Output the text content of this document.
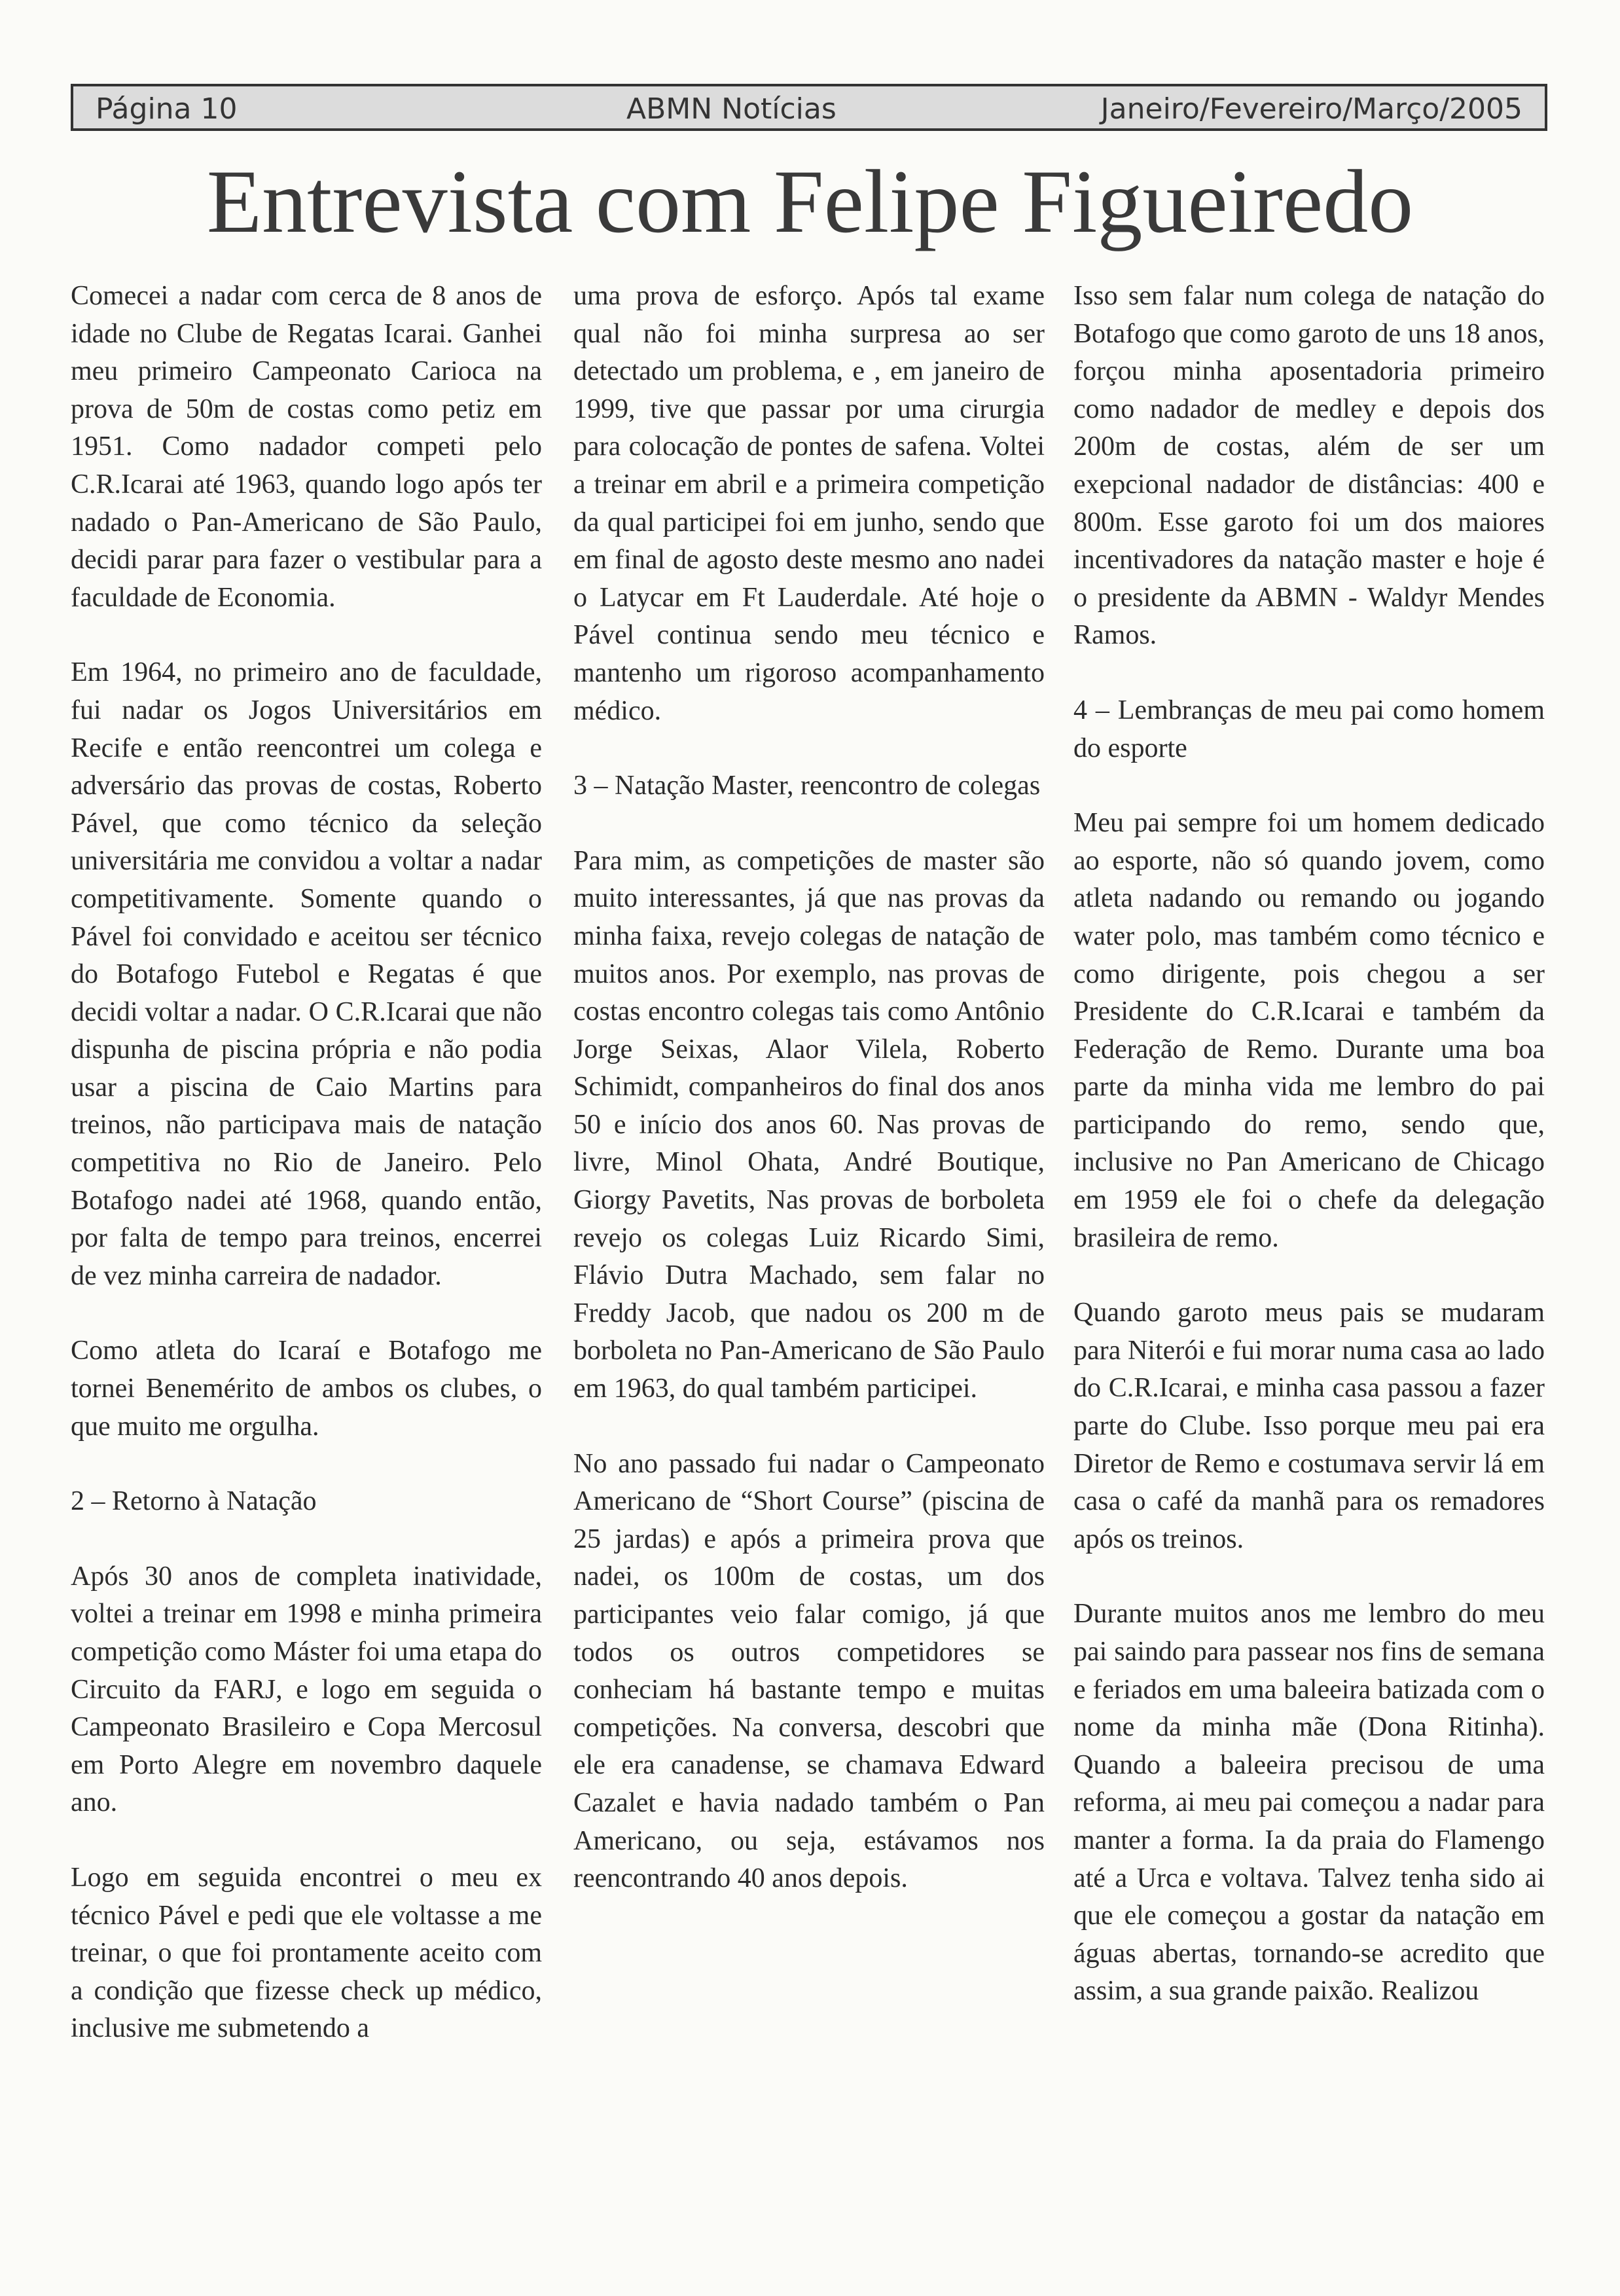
Página 10	ABMN Notícias	Janeiro/Fevereiro/Março/2005
Entrevista com Felipe Figueiredo

Comecei a nadar com cerca de 8 anos de idade no Clube de Regatas Icarai. Ganhei meu primeiro Campeonato Carioca na prova de 50m de costas como petiz em 1951. Como nadador competi pelo C.R.Icarai até 1963, quando logo após ter nadado o Pan-Americano de São Paulo, decidi parar para fazer o vestibular para a faculdade de Economia.

Em 1964, no primeiro ano de faculdade, fui nadar os Jogos Universitários em Recife e então reencontrei um colega e adversário das provas de costas, Roberto Pável, que como técnico da seleção universitária me convidou a voltar a nadar competitivamente. Somente quando o Pável foi convidado e aceitou ser técnico do Botafogo Futebol e Regatas é que decidi voltar a nadar. O C.R.Icarai que não dispunha de piscina própria e não podia usar a piscina de Caio Martins para treinos, não participava mais de natação competitiva no Rio de Janeiro. Pelo Botafogo nadei até 1968, quando então, por falta de tempo para treinos, encerrei de vez minha carreira de nadador.

Como atleta do Icaraí e Botafogo me tornei Benemérito de ambos os clubes, o que muito me orgulha.

2 – Retorno à Natação

Após 30 anos de completa inatividade, voltei a treinar em 1998 e minha primeira competição como Máster foi uma etapa do Circuito da FARJ, e logo em seguida o Campeonato Brasileiro e Copa Mercosul em Porto Alegre em novembro daquele ano.

Logo em seguida encontrei o meu ex técnico Pável e pedi que ele voltasse a me treinar, o que foi prontamente aceito com a condição que fizesse check up médico, inclusive me submetendo a

uma prova de esforço. Após tal exame qual não foi minha surpresa ao ser detectado um problema, e , em janeiro de 1999, tive que passar por uma cirurgia para colocação de pontes de safena. Voltei a treinar em abril e a primeira competição da qual participei foi em junho, sendo que em final de agosto deste mesmo ano nadei o Latycar em Ft Lauderdale. Até hoje o Pável continua sendo meu técnico e mantenho um rigoroso acompanhamento médico.

3 – Natação Master, reencontro de colegas

Para mim, as competições de master são muito interessantes, já que nas provas da minha faixa, revejo colegas de natação de muitos anos. Por exemplo, nas provas de costas encontro colegas tais como Antônio Jorge Seixas, Alaor Vilela, Roberto Schimidt, companheiros do final dos anos 50 e início dos anos 60. Nas provas de livre, Minol Ohata, André Boutique, Giorgy Pavetits, Nas provas de borboleta revejo os colegas Luiz Ricardo Simi, Flávio Dutra Machado, sem falar no Freddy Jacob, que nadou os 200 m de borboleta no Pan-Americano de São Paulo em 1963, do qual também participei.

No ano passado fui nadar o Campeonato Americano de “Short Course” (piscina de 25 jardas) e após a primeira prova que nadei, os 100m de costas, um dos participantes veio falar comigo, já que todos os outros competidores se conheciam há bastante tempo e muitas competições. Na conversa, descobri que ele era canadense, se chamava Edward Cazalet e havia nadado também o Pan Americano, ou seja, estávamos nos reencontrando 40 anos depois.

Isso sem falar num colega de natação do Botafogo que como garoto de uns 18 anos, forçou minha aposentadoria primeiro como nadador de medley e depois dos 200m de costas, além de ser um exepcional nadador de distâncias: 400 e 800m. Esse garoto foi um dos maiores incentivadores da natação master e hoje é o presidente da ABMN - Waldyr Mendes Ramos.

4 – Lembranças de meu pai como homem do esporte

Meu pai sempre foi um homem dedicado ao esporte, não só quando jovem, como atleta nadando ou remando ou jogando water polo, mas também como técnico e como dirigente, pois chegou a ser Presidente do C.R.Icarai e também da Federação de Remo. Durante uma boa parte da minha vida me lembro do pai participando do remo, sendo que, inclusive no Pan Americano de Chicago em 1959 ele foi o chefe da delegação brasileira de remo.

Quando garoto meus pais se mudaram para Niterói e fui morar numa casa ao lado do C.R.Icarai, e minha casa passou a fazer parte do Clube. Isso porque meu pai era Diretor de Remo e costumava servir lá em casa o café da manhã para os remadores após os treinos.

Durante muitos anos me lembro do meu pai saindo para passear nos fins de semana e feriados em uma baleeira batizada com o nome da minha mãe (Dona Ritinha). Quando a baleeira precisou de uma reforma, ai meu pai começou a nadar para manter a forma. Ia da praia do Flamengo até a Urca e voltava. Talvez tenha sido ai que ele começou a gostar da natação em águas abertas, tornando-se acredito que assim, a sua grande paixão. Realizou
